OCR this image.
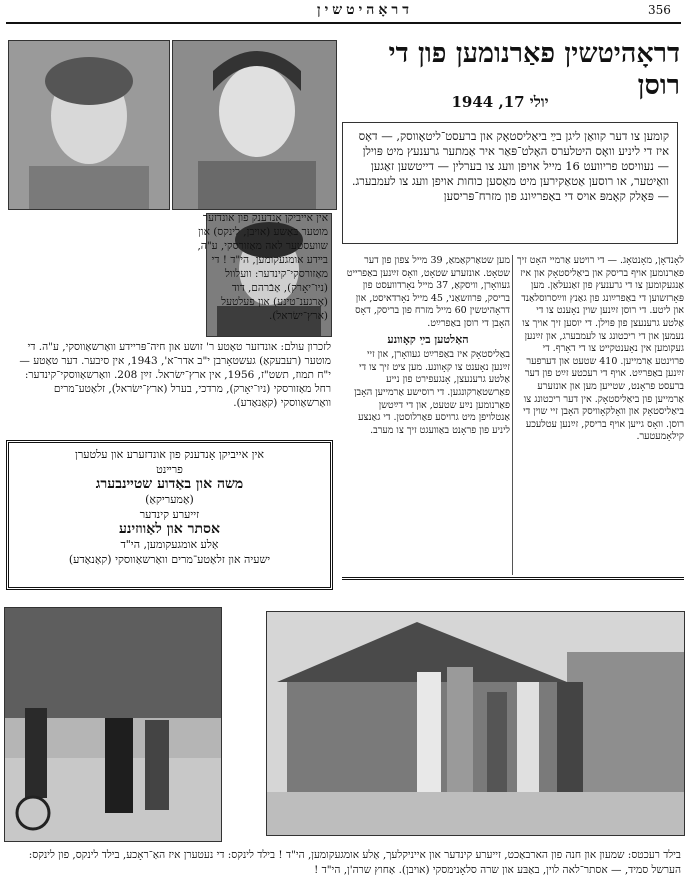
דראָהיטשין	356
אין אייביקן אָנדענק פון אונדזער מוטער בּאַשע (אויבן, לינקס) און שוועסטער לאה מאַזורסקי, ע"ה, בײדע אומגעקומען, הי"ד ! די מאַזורסקי־קינדער: וועלוול (ניו־יאָרק), אַבֿרהם, דוד (אַרגענ־טינע) און פעלטעל (ארץ־ישׂראל).
דראָהיטשין פאַרנומען פון די רוסן
יולי 17, 1944
קומען צו דער קוואַן ליגן בײַ ביאַליסטאָק און ברעסט־ליטאָווסק, — דאָס איז די ליניע וואָס היטלערס האָלט־פּאַר איר אַמתער גרענעץ מיט פּוילן — נעוויסט פריוועט 16 מייל אויפן וועג צו בערלין — דייטשען זאַגען וואַיטער, או רוסען אַטאַקירען מיט מאַסען כוחות אויפן וועג צו לעמבערג. — פּאָלק קאָמפּ אויס די באַפרײַונג פון מזרח־פּריסען
לאָנדאָן, מאָנטאָג. — די רויטע אַרמיי האָט זיך פאַרנומען אויף בריסק און ביאַליסטאָק און איז אַנגעקומען צו די גרענעץ פון זאַנעלאַן. מען פּאָרזשוען די באַפרײַונג פון גאַנץ ווײַסרוסלאַנד און ליטע. די רוסן זײַנען שוין נאָענט צו די אַלטע גרענעצן פון פּוילן. די יוסען זיך אויך צו נעמען און די ריכטונג צו לעמבערג, און זײַנען געקומען אין נאָענטקייט צו די דאָרף. די פרוינטע אַרמייען. 410 שטעט און דערפער זײַנען באַפרײַט. אויף די רעכטע זײַט פון דער ברעסט פראָנט, שטייען מען און אונזערע אַרמייען פון ביאַליסטאָק. אין דער ריכטונג צו ביאַליסטאָק און וואָלקאָוויסק האָבן זיי שוין די רוסן. וואָס גייען אויף בריסק, זײַנען עטלעכע קילאָמעטער.
מען שטאַרקאַמאַ, 39 מייל צפון פון דער שטאָט. אונזערע שטאָט, וואָס זײַנען באַפרייט געוואָרן, וויסקאַ, 37 מייל נאָרדוועסט פון בריסק, פּרוזשאַני, 45 מייל נאָרדאיסט, און דראָהיטשין 60 מייל מזרח פון בריסק, דאָס האָבן די רוסן באַפרײַט.
האַלטען בײַ קאָוונע
באַליסטאָק איז באַפרײַט געוואָרן, און זיי זײַנען נאָענט צו קאָוונע. מען ציט זיך צו די אַלטע גרענעצן, אָנגעפירט פון נייע פאַרשטאַרקונגען. די רוסישע אַרמייען האָבן פאַרנומען נײַע שטעט, און די דײַטשן אַנטלויפן מיט גרויסע פאַרלוסטן. די גאַנצע ליניע פון פראָנט באַוועגט זיך צו מערב.
לזכרון עולם: אונדזער טאַטע ר' זושע און חיה־פּריידע וואַרשאַווסקי, ע"ה. די מוטער (רעבעקאַ) געשטאָרבן י"ב אדר־א', 1943, אין סיבער. דער טאַטע — י"ח תמוז, תשט"ז, 1956, אין ארץ־ישׂראל. זײַן 208. וואַרשאַווסקי־קינדער: רחל מאַזורסקי (ניו־יאָרק), מרדכי, בערל (ארץ־ישׂראל), זלאַטע־מרים וואַרשאַווסקי (קאַנאַדע).
אין אייביקן אָנדענק פון אונדזערע און עלטערן
פרײנט
משה און באַדוע שטיינבערג
(אַמעריקאַ)
זייערע קינדער
אסתר און לאַווזינע
אַלע אומגעקומען, הי"ד
ישעיה און זלאַטע־מרים וואַרשאַווסקי (קאַנאַדע)
בילד רעכטס: שמעון און חנה פון הארבאַכט, זייערע קינדער און אייניקלעך, אַלע אומגעקומען, הי"ד ! בילד לינקס: די נעטערן איז האַ־ראָכע, בילד לינקס, פון לינקס: הערשל סמיד, — אסתר־לאה לוין, באַבּע און שרה סלאָנימסקי (אויבן). אַחוץ שרה'ן, הי"ד !
